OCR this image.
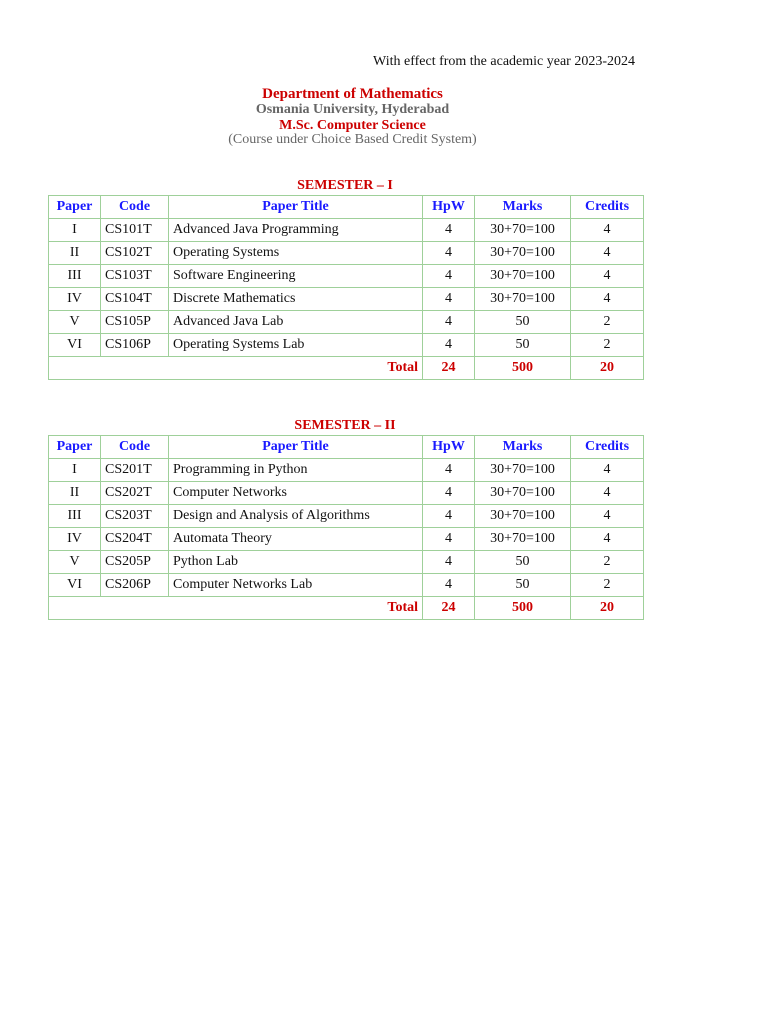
With effect from the academic year 2023-2024
Department of Mathematics
Osmania University, Hyderabad
M.Sc. Computer Science
(Course under Choice Based Credit System)
SEMESTER – I
Paper	Code	Paper Title	HpW	Marks	Credits
I	CS101T	Advanced Java Programming	4	30+70=100	4
II	CS102T	Operating Systems	4	30+70=100	4
III	CS103T	Software Engineering	4	30+70=100	4
IV	CS104T	Discrete Mathematics	4	30+70=100	4
V	CS105P	Advanced Java Lab	4	50	2
VI	CS106P	Operating Systems Lab	4	50	2
Total			24	500	20
SEMESTER – II
Paper	Code	Paper Title	HpW	Marks	Credits
I	CS201T	Programming in Python	4	30+70=100	4
II	CS202T	Computer Networks	4	30+70=100	4
III	CS203T	Design and Analysis of Algorithms	4	30+70=100	4
IV	CS204T	Automata Theory	4	30+70=100	4
V	CS205P	Python Lab	4	50	2
VI	CS206P	Computer Networks Lab	4	50	2
Total			24	500	20
